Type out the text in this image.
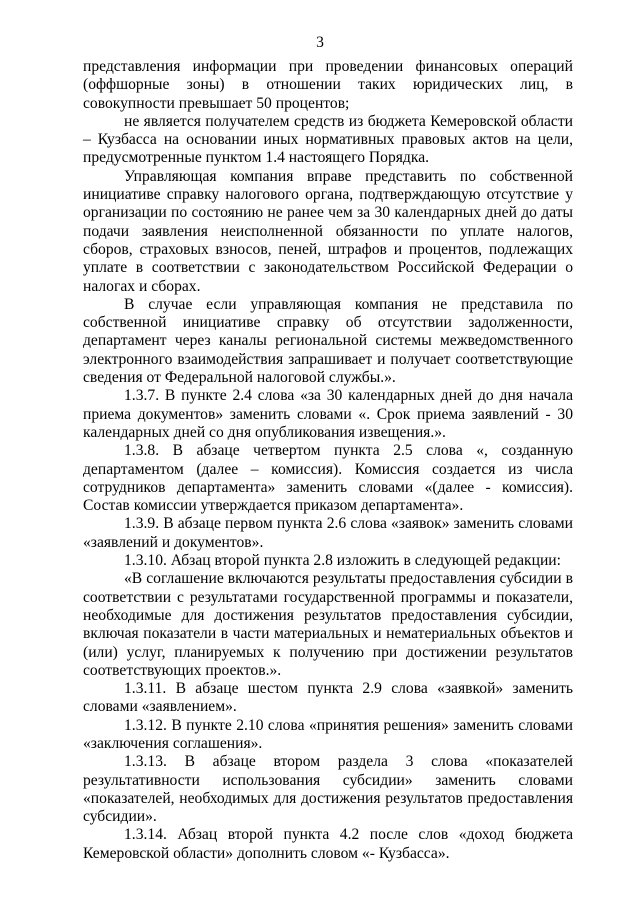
3

представления информации при проведении финансовых операций (оффшорные зоны) в отношении таких юридических лиц, в совокупности превышает 50 процентов;

не является получателем средств из бюджета Кемеровской области – Кузбасса на основании иных нормативных правовых актов на цели, предусмотренные пунктом 1.4 настоящего Порядка.

Управляющая компания вправе представить по собственной инициативе справку налогового органа, подтверждающую отсутствие у организации по состоянию не ранее чем за 30 календарных дней до даты подачи заявления неисполненной обязанности по уплате налогов, сборов, страховых взносов, пеней, штрафов и процентов, подлежащих уплате в соответствии с законодательством Российской Федерации о налогах и сборах.

В случае если управляющая компания не представила по собственной инициативе справку об отсутствии задолженности, департамент через каналы региональной системы межведомственного электронного взаимодействия запрашивает и получает соответствующие сведения от Федеральной налоговой службы.».

1.3.7. В пункте 2.4 слова «за 30 календарных дней до дня начала приема документов» заменить словами «. Срок приема заявлений - 30 календарных дней со дня опубликования извещения.».

1.3.8. В абзаце четвертом пункта 2.5 слова «, созданную департаментом (далее – комиссия). Комиссия создается из числа сотрудников департамента» заменить словами «(далее - комиссия). Состав комиссии утверждается приказом департамента».

1.3.9. В абзаце первом пункта 2.6 слова «заявок» заменить словами «заявлений и документов».

1.3.10. Абзац второй пункта 2.8 изложить в следующей редакции:

«В соглашение включаются результаты предоставления субсидии в соответствии с результатами государственной программы и показатели, необходимые для достижения результатов предоставления субсидии, включая показатели в части материальных и нематериальных объектов и (или) услуг, планируемых к получению при достижении результатов соответствующих проектов.».

1.3.11. В абзаце шестом пункта 2.9 слова «заявкой» заменить словами «заявлением».

1.3.12. В пункте 2.10 слова «принятия решения» заменить словами «заключения соглашения».

1.3.13. В абзаце втором раздела 3 слова «показателей результативности использования субсидии» заменить словами «показателей, необходимых для достижения результатов предоставления субсидии».

1.3.14. Абзац второй пункта 4.2 после слов «доход бюджета Кемеровской области» дополнить словом «- Кузбасса».
